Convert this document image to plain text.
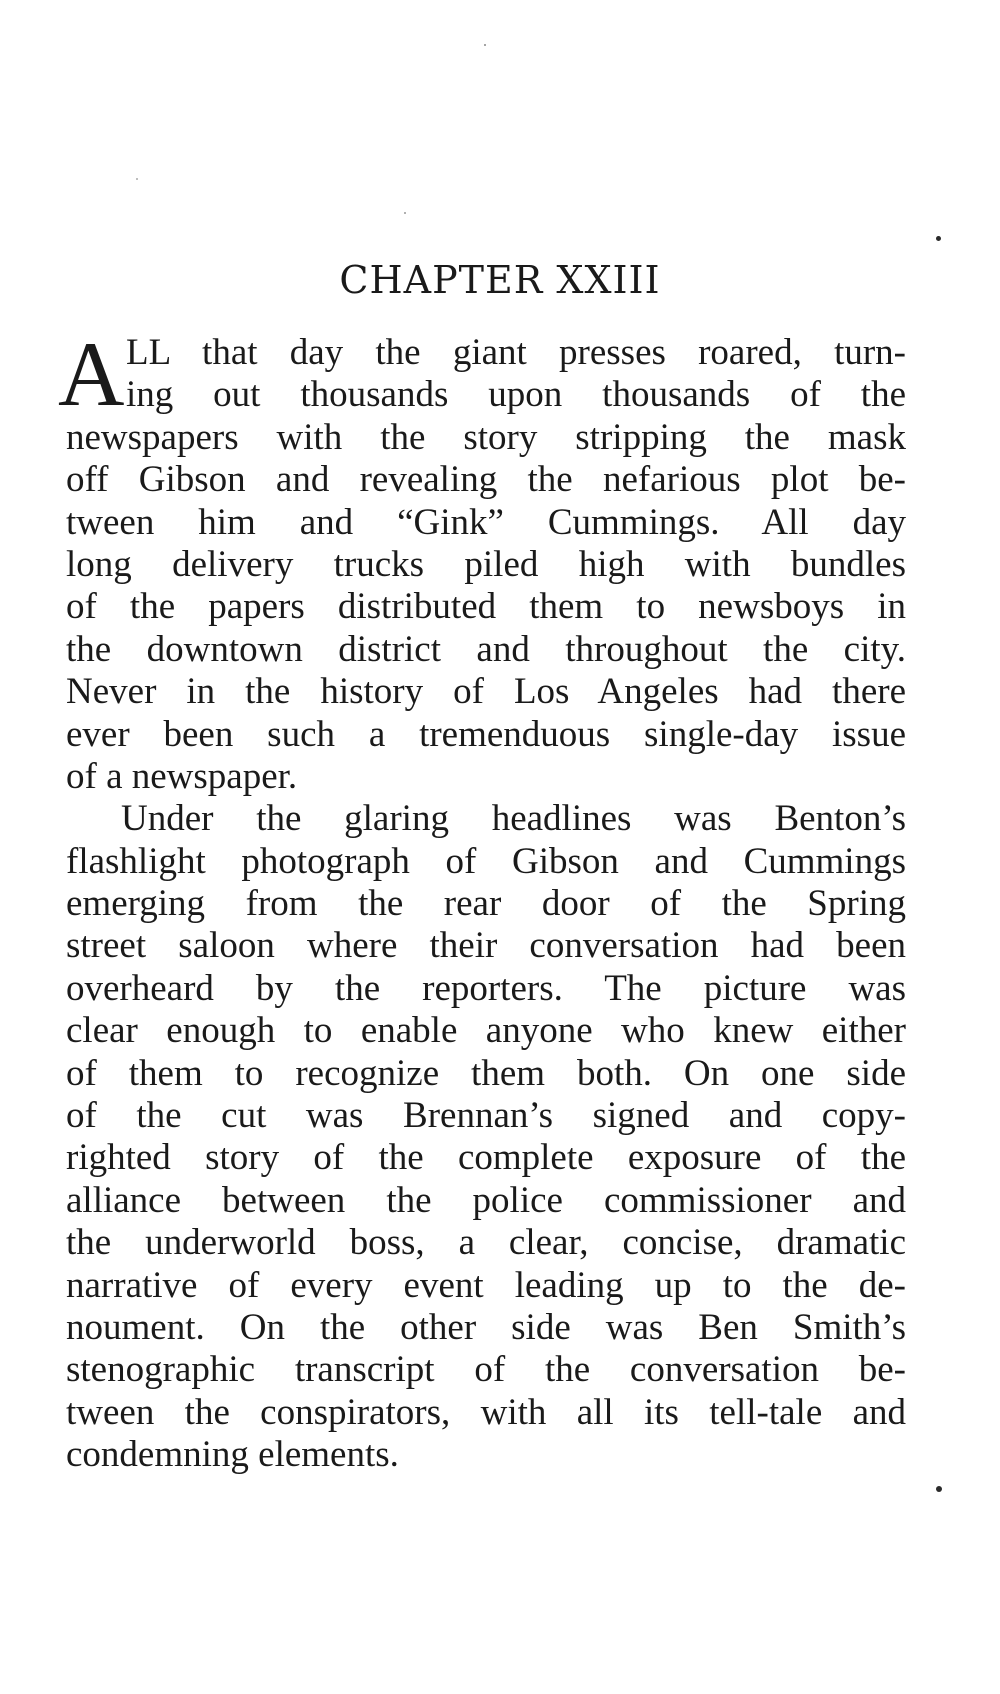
CHAPTER XXIII
A LL that day the giant presses roared, turn-
ing out thousands upon thousands of the
newspapers with the story stripping the mask
off Gibson and revealing the nefarious plot be-
tween him and “Gink” Cummings. All day
long delivery trucks piled high with bundles
of the papers distributed them to newsboys in
the downtown district and throughout the city.
Never in the history of Los Angeles had there
ever been such a tremenduous single-day issue
of a newspaper.
Under the glaring headlines was Benton’s
flashlight photograph of Gibson and Cummings
emerging from the rear door of the Spring
street saloon where their conversation had been
overheard by the reporters. The picture was
clear enough to enable anyone who knew either
of them to recognize them both. On one side
of the cut was Brennan’s signed and copy-
righted story of the complete exposure of the
alliance between the police commissioner and
the underworld boss, a clear, concise, dramatic
narrative of every event leading up to the de-
noument. On the other side was Ben Smith’s
stenographic transcript of the conversation be-
tween the conspirators, with all its tell-tale and
condemning elements.
